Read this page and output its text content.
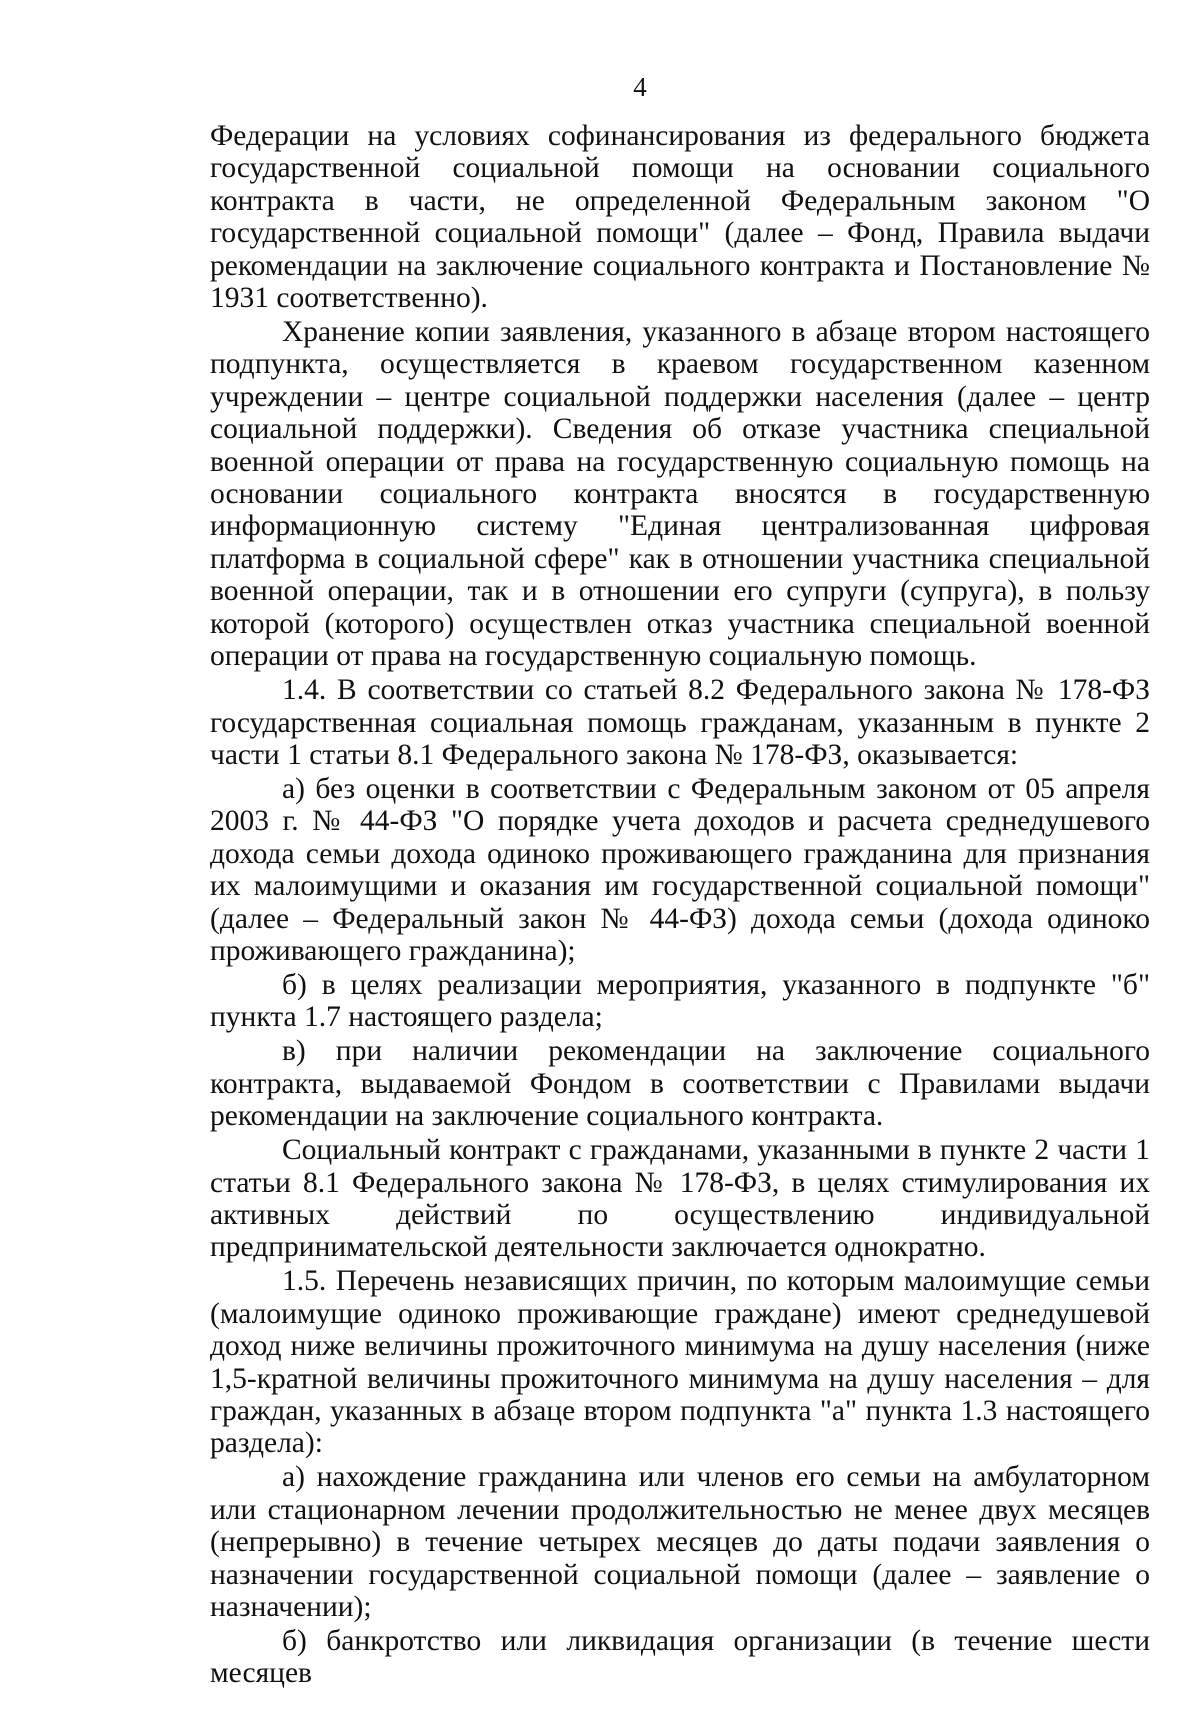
4

Федерации на условиях софинансирования из федерального бюджета государственной социальной помощи на основании социального контракта в части, не определенной Федеральным законом "О государственной социальной помощи" (далее – Фонд, Правила выдачи рекомендации на заключение социального контракта и Постановление № 1931 соответственно).

Хранение копии заявления, указанного в абзаце втором настоящего подпункта, осуществляется в краевом государственном казенном учреждении – центре социальной поддержки населения (далее – центр социальной поддержки). Сведения об отказе участника специальной военной операции от права на государственную социальную помощь на основании социального контракта вносятся в государственную информационную систему "Единая централизованная цифровая платформа в социальной сфере" как в отношении участника специальной военной операции, так и в отношении его супруги (супруга), в пользу которой (которого) осуществлен отказ участника специальной военной операции от права на государственную социальную помощь.

1.4. В соответствии со статьей 8.2 Федерального закона № 178-ФЗ государственная социальная помощь гражданам, указанным в пункте 2 части 1 статьи 8.1 Федерального закона № 178-ФЗ, оказывается:

а) без оценки в соответствии с Федеральным законом от 05 апреля 2003 г. № 44-ФЗ "О порядке учета доходов и расчета среднедушевого дохода семьи дохода одиноко проживающего гражданина для признания их малоимущими и оказания им государственной социальной помощи" (далее – Федеральный закон № 44-ФЗ) дохода семьи (дохода одиноко проживающего гражданина);

б) в целях реализации мероприятия, указанного в подпункте "б" пункта 1.7 настоящего раздела;

в) при наличии рекомендации на заключение социального контракта, выдаваемой Фондом в соответствии с Правилами выдачи рекомендации на заключение социального контракта.

Социальный контракт с гражданами, указанными в пункте 2 части 1 статьи 8.1 Федерального закона № 178-ФЗ, в целях стимулирования их активных действий по осуществлению индивидуальной предпринимательской деятельности заключается однократно.

1.5. Перечень независящих причин, по которым малоимущие семьи (малоимущие одиноко проживающие граждане) имеют среднедушевой доход ниже величины прожиточного минимума на душу населения (ниже 1,5-кратной величины прожиточного минимума на душу населения – для граждан, указанных в абзаце втором подпункта "а" пункта 1.3 настоящего раздела):

а) нахождение гражданина или членов его семьи на амбулаторном или стационарном лечении продолжительностью не менее двух месяцев (непрерывно) в течение четырех месяцев до даты подачи заявления о назначении государственной социальной помощи (далее – заявление о назначении);

б) банкротство или ликвидация организации (в течение шести месяцев
